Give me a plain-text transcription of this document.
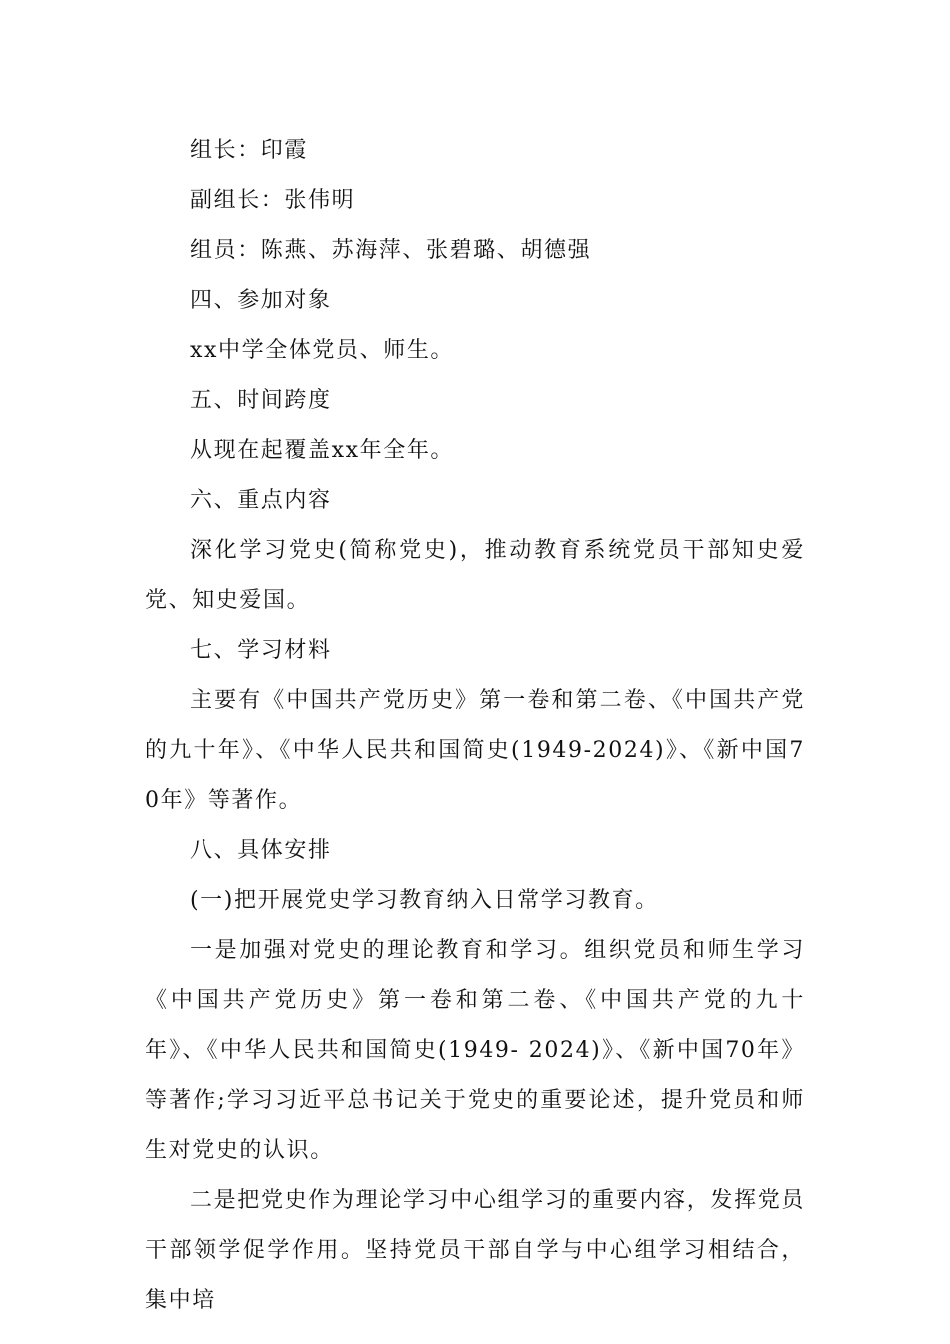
组长：印霞

副组长：张伟明

组员：陈燕、苏海萍、张碧璐、胡德强

四、参加对象

xx中学全体党员、师生。

五、时间跨度

从现在起覆盖xx年全年。

六、重点内容

深化学习党史(简称党史)，推动教育系统党员干部知史爱党、知史爱国。

七、学习材料

主要有《中国共产党历史》第一卷和第二卷、《中国共产党的九十年》、《中华人民共和国简史(1949-2024)》、《新中国70年》等著作。

八、具体安排

(一)把开展党史学习教育纳入日常学习教育。

一是加强对党史的理论教育和学习。组织党员和师生学习《中国共产党历史》第一卷和第二卷、《中国共产党的九十年》、《中华人民共和国简史(1949- 2024)》、《新中国70年》等著作;学习习近平总书记关于党史的重要论述，提升党员和师生对党史的认识。

二是把党史作为理论学习中心组学习的重要内容，发挥党员干部领学促学作用。坚持党员干部自学与中心组学习相结合，集中培
